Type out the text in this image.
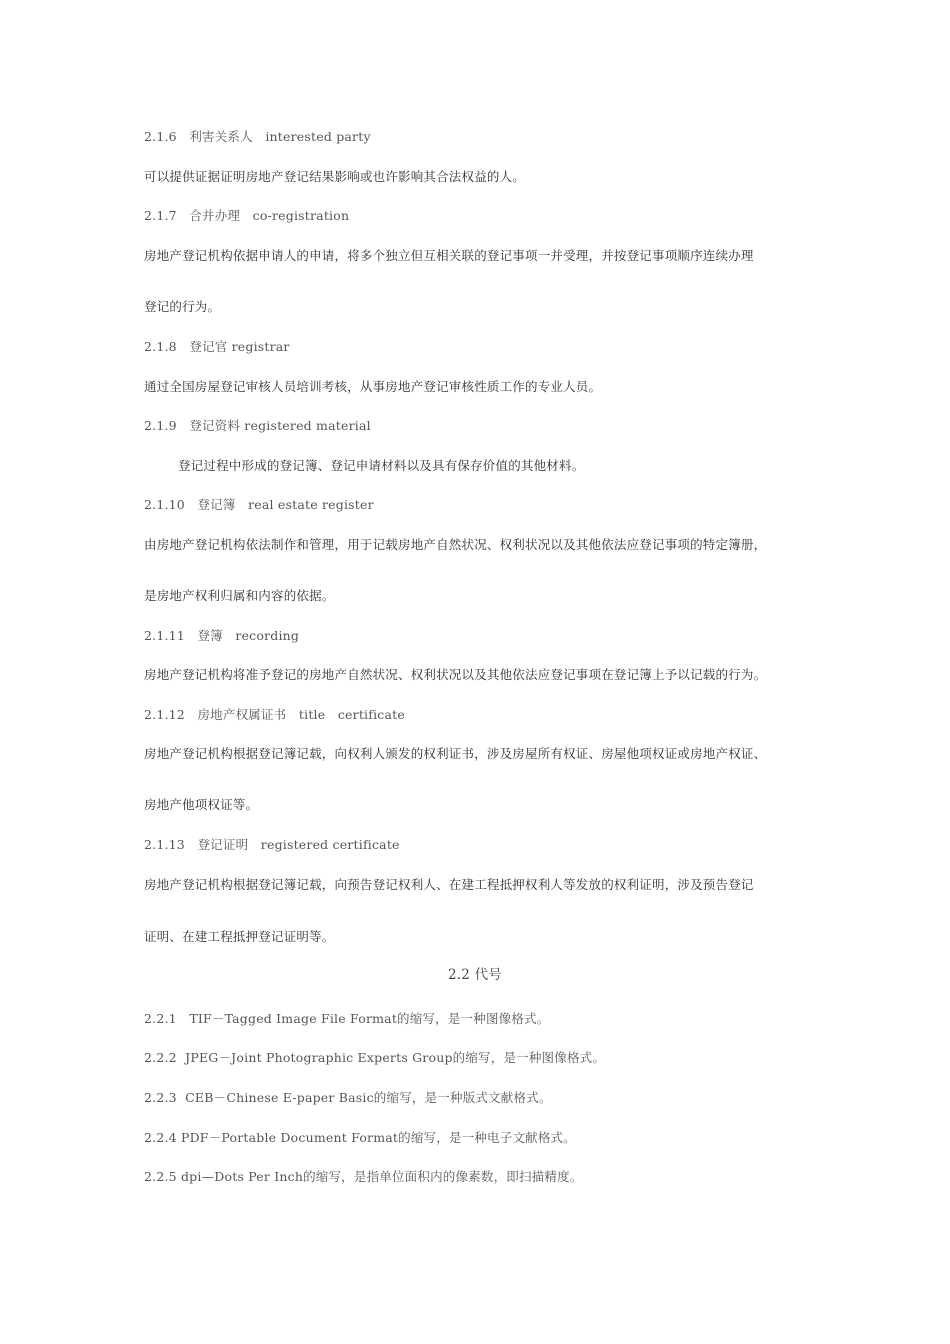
2.1.6   利害关系人   interested party
可以提供证据证明房地产登记结果影响或也许影响其合法权益的人。
2.1.7   合并办理   co-registration
房地产登记机构依据申请人的申请，将多个独立但互相关联的登记事项一并受理，并按登记事项顺序连续办理
登记的行为。
2.1.8   登记官 registrar
通过全国房屋登记审核人员培训考核，从事房地产登记审核性质工作的专业人员。
2.1.9   登记资料 registered material
登记过程中形成的登记簿、登记申请材料以及具有保存价值的其他材料。
2.1.10   登记簿   real estate register
由房地产登记机构依法制作和管理，用于记载房地产自然状况、权利状况以及其他依法应登记事项的特定簿册，
是房地产权利归属和内容的依据。
2.1.11   登簿   recording
房地产登记机构将准予登记的房地产自然状况、权利状况以及其他依法应登记事项在登记簿上予以记载的行为。
2.1.12   房地产权属证书   title   certificate
房地产登记机构根据登记簿记载，向权利人颁发的权利证书，涉及房屋所有权证、房屋他项权证或房地产权证、
房地产他项权证等。
2.1.13   登记证明   registered certificate
房地产登记机构根据登记簿记载，向预告登记权利人、在建工程抵押权利人等发放的权利证明，涉及预告登记
证明、在建工程抵押登记证明等。
2.2 代号
2.2.1   TIF－Tagged Image File Format的缩写，是一种图像格式。
2.2.2  JPEG－Joint Photographic Experts Group的缩写，是一种图像格式。
2.2.3  CEB－Chinese E-paper Basic的缩写，是一种版式文献格式。
2.2.4 PDF－Portable Document Format的缩写，是一种电子文献格式。
2.2.5 dpi—Dots Per Inch的缩写，是指单位面积内的像素数，即扫描精度。
